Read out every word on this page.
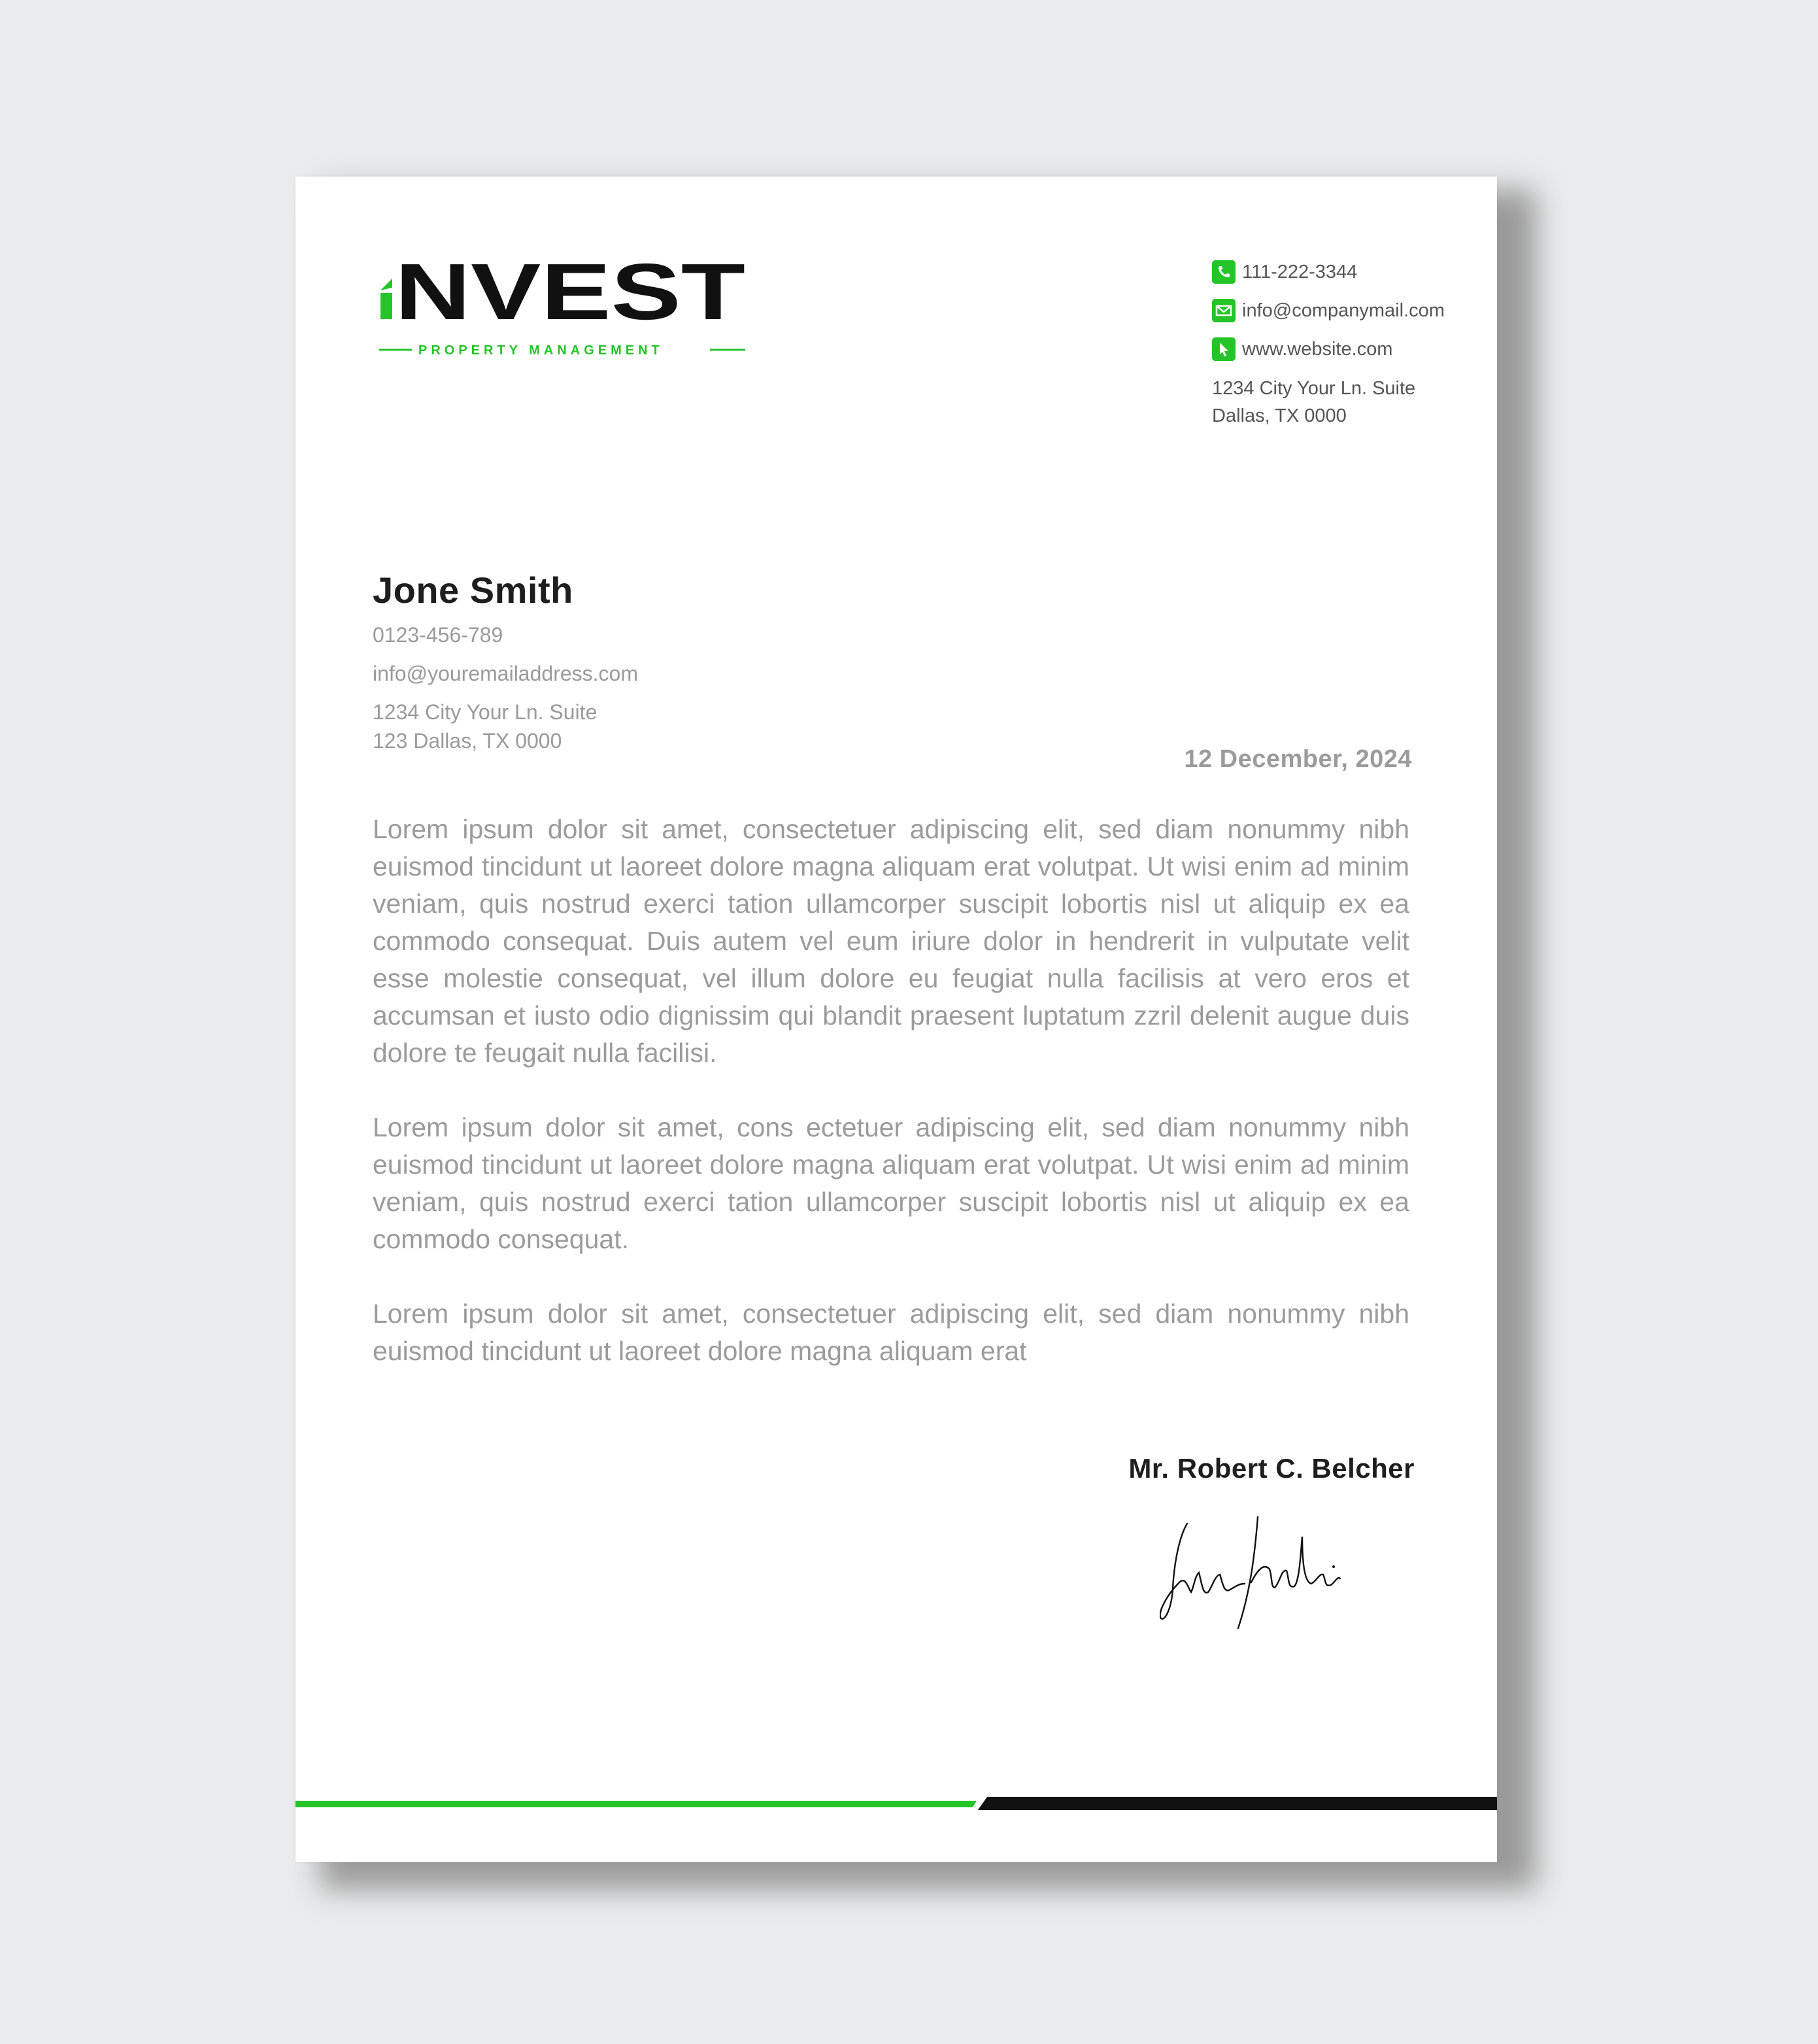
NVEST
PROPERTY MANAGEMENT
111-222-3344
info@companymail.com
www.website.com
1234 City Your Ln. Suite
Dallas, TX 0000
Jone Smith
0123-456-789
info@youremailaddress.com
1234 City Your Ln. Suite
123 Dallas, TX 0000
12 December, 2024

Lorem ipsum dolor sit amet, consectetuer adipiscing elit, sed diam nonummy nibh euismod tincidunt ut laoreet dolore magna aliquam erat volutpat. Ut wisi enim ad minim veniam, quis nostrud exerci tation ullamcorper suscipit lobortis nisl ut aliquip ex ea commodo consequat. Duis autem vel eum iriure dolor in hendrerit in vulputate velit esse molestie consequat, vel illum dolore eu feugiat nulla facilisis at vero eros et accumsan et iusto odio dignissim qui blandit praesent luptatum zzril delenit augue duis dolore te feugait nulla facilisi.

Lorem ipsum dolor sit amet, cons ectetuer adipiscing elit, sed diam nonummy nibh euismod tincidunt ut laoreet dolore magna aliquam erat volutpat. Ut wisi enim ad minim veniam, quis nostrud exerci tation ullamcorper suscipit lobortis nisl ut aliquip ex ea commodo consequat.

Lorem ipsum dolor sit amet, consectetuer adipiscing elit, sed diam nonummy nibh euismod tincidunt ut laoreet dolore magna aliquam erat

Mr. Robert C. Belcher
